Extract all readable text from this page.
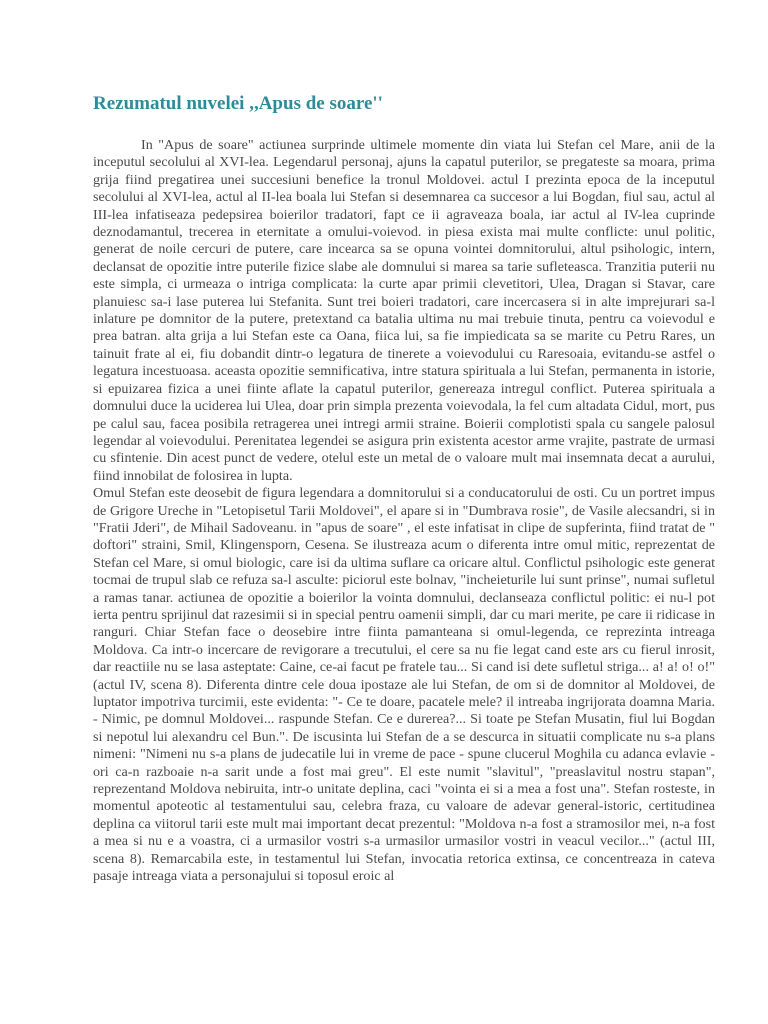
Rezumatul nuvelei ,,Apus de soare''

In "Apus de soare" actiunea surprinde ultimele momente din viata lui Stefan cel Mare, anii de la inceputul secolului al XVI-lea. Legendarul personaj, ajuns la capatul puterilor, se pregateste sa moara, prima grija fiind pregatirea unei succesiuni benefice la tronul Moldovei. actul I prezinta epoca de la inceputul secolului al XVI-lea, actul al II-lea boala lui Stefan si desemnarea ca succesor a lui Bogdan, fiul sau, actul al III-lea infatiseaza pedepsirea boierilor tradatori, fapt ce ii agraveaza boala, iar actul al IV-lea cuprinde deznodamantul, trecerea in eternitate a omului-voievod. in piesa exista mai multe conflicte: unul politic, generat de noile cercuri de putere, care incearca sa se opuna vointei domnitorului, altul psihologic, intern, declansat de opozitie intre puterile fizice slabe ale domnului si marea sa tarie sufleteasca. Tranzitia puterii nu este simpla, ci urmeaza o intriga complicata: la curte apar primii clevetitori, Ulea, Dragan si Stavar, care planuiesc sa-i lase puterea lui Stefanita. Sunt trei boieri tradatori, care incercasera si in alte imprejurari sa-l inlature pe domnitor de la putere, pretextand ca batalia ultima nu mai trebuie tinuta, pentru ca voievodul e prea batran. alta grija a lui Stefan este ca Oana, fiica lui, sa fie impiedicata sa se marite cu Petru Rares, un tainuit frate al ei, fiu dobandit dintr-o legatura de tinerete a voievodului cu Raresoaia, evitandu-se astfel o legatura incestuoasa. aceasta opozitie semnificativa, intre statura spirituala a lui Stefan, permanenta in istorie, si epuizarea fizica a unei fiinte aflate la capatul puterilor, genereaza intregul conflict. Puterea spirituala a domnului duce la uciderea lui Ulea, doar prin simpla prezenta voievodala, la fel cum altadata Cidul, mort, pus pe calul sau, facea posibila retragerea unei intregi armii straine. Boierii complotisti spala cu sangele palosul legendar al voievodului. Perenitatea legendei se asigura prin existenta acestor arme vrajite, pastrate de urmasi cu sfintenie. Din acest punct de vedere, otelul este un metal de o valoare mult mai insemnata decat a aurului, fiind innobilat de folosirea in lupta.

Omul Stefan este deosebit de figura legendara a domnitorului si a conducatorului de osti. Cu un portret impus de Grigore Ureche in "Letopisetul Tarii Moldovei", el apare si in "Dumbrava rosie", de Vasile alecsandri, si in "Fratii Jderi", de Mihail Sadoveanu. in "apus de soare" , el este infatisat in clipe de supferinta, fiind tratat de " doftori" straini, Smil, Klingensporn, Cesena. Se ilustreaza acum o diferenta intre omul mitic, reprezentat de Stefan cel Mare, si omul biologic, care isi da ultima suflare ca oricare altul. Conflictul psihologic este generat tocmai de trupul slab ce refuza sa-l asculte: piciorul este bolnav, "incheieturile lui sunt prinse", numai sufletul a ramas tanar. actiunea de opozitie a boierilor la vointa domnului, declanseaza conflictul politic: ei nu-l pot ierta pentru sprijinul dat razesimii si in special pentru oamenii simpli, dar cu mari merite, pe care ii ridicase in ranguri. Chiar Stefan face o deosebire intre fiinta pamanteana si omul-legenda, ce reprezinta intreaga Moldova. Ca intr-o incercare de revigorare a trecutului, el cere sa nu fie legat cand este ars cu fierul inrosit, dar reactiile nu se lasa asteptate: Caine, ce-ai facut pe fratele tau... Si cand isi dete sufletul striga... a! a! o! o!" (actul IV, scena 8). Diferenta dintre cele doua ipostaze ale lui Stefan, de om si de domnitor al Moldovei, de luptator impotriva turcimii, este evidenta: "- Ce te doare, pacatele mele? il intreaba ingrijorata doamna Maria. - Nimic, pe domnul Moldovei... raspunde Stefan. Ce e durerea?... Si toate pe Stefan Musatin, fiul lui Bogdan si nepotul lui alexandru cel Bun.". De iscusinta lui Stefan de a se descurca in situatii complicate nu s-a plans nimeni: "Nimeni nu s-a plans de judecatile lui in vreme de pace - spune clucerul Moghila cu adanca evlavie - ori ca-n razboaie n-a sarit unde a fost mai greu". El este numit "slavitul", "preaslavitul nostru stapan", reprezentand Moldova nebiruita, intr-o unitate deplina, caci "vointa ei si a mea a fost una". Stefan rosteste, in momentul apoteotic al testamentului sau, celebra fraza, cu valoare de adevar general-istoric, certitudinea deplina ca viitorul tarii este mult mai important decat prezentul: "Moldova n-a fost a stramosilor mei, n-a fost a mea si nu e a voastra, ci a urmasilor vostri s-a urmasilor urmasilor vostri in veacul vecilor..." (actul III, scena 8). Remarcabila este, in testamentul lui Stefan, invocatia retorica extinsa, ce concentreaza in cateva pasaje intreaga viata a personajului si toposul eroic al
